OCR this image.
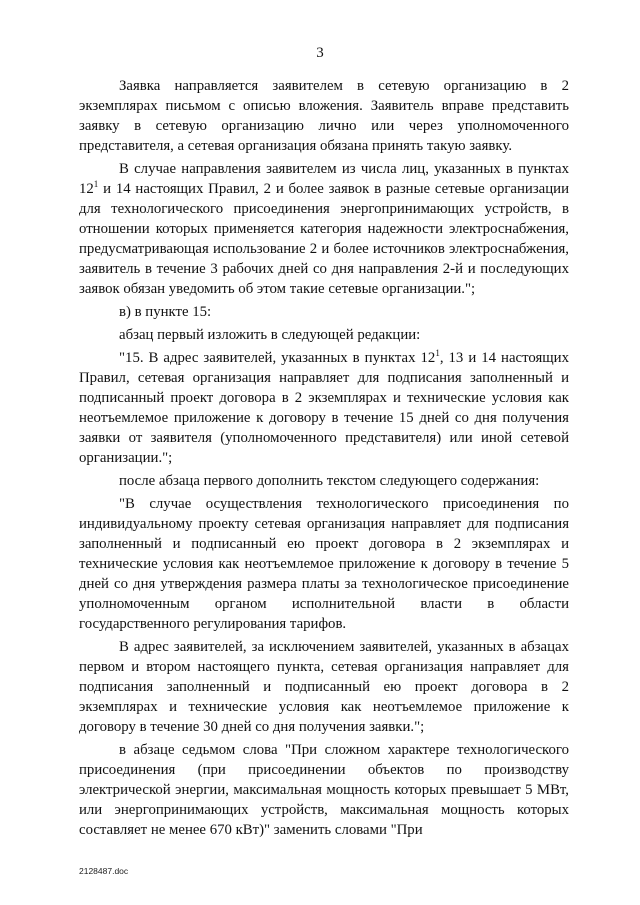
3

Заявка направляется заявителем в сетевую организацию в 2 экземплярах письмом с описью вложения. Заявитель вправе представить заявку в сетевую организацию лично или через уполномоченного представителя, а сетевая организация обязана принять такую заявку.

В случае направления заявителем из числа лиц, указанных в пунктах $12^1$ и 14 настоящих Правил, 2 и более заявок в разные сетевые организации для технологического присоединения энергопринимающих устройств, в отношении которых применяется категория надежности электроснабжения, предусматривающая использование 2 и более источников электроснабжения, заявитель в течение 3 рабочих дней со дня направления 2-й и последующих заявок обязан уведомить об этом такие сетевые организации.";

в) в пункте 15:

абзац первый изложить в следующей редакции:

"15. В адрес заявителей, указанных в пунктах $12^1$, 13 и 14 настоящих Правил, сетевая организация направляет для подписания заполненный и подписанный проект договора в 2 экземплярах и технические условия как неотъемлемое приложение к договору в течение 15 дней со дня получения заявки от заявителя (уполномоченного представителя) или иной сетевой организации.";

после абзаца первого дополнить текстом следующего содержания:

"В случае осуществления технологического присоединения по индивидуальному проекту сетевая организация направляет для подписания заполненный и подписанный ею проект договора в 2 экземплярах и технические условия как неотъемлемое приложение к договору в течение 5 дней со дня утверждения размера платы за технологическое присоединение уполномоченным органом исполнительной власти в области государственного регулирования тарифов.

В адрес заявителей, за исключением заявителей, указанных в абзацах первом и втором настоящего пункта, сетевая организация направляет для подписания заполненный и подписанный ею проект договора в 2 экземплярах и технические условия как неотъемлемое приложение к договору в течение 30 дней со дня получения заявки.";

в абзаце седьмом слова "При сложном характере технологического присоединения (при присоединении объектов по производству электрической энергии, максимальная мощность которых превышает 5 МВт, или энергопринимающих устройств, максимальная мощность которых составляет не менее 670 кВт)" заменить словами "При

2128487.doc
